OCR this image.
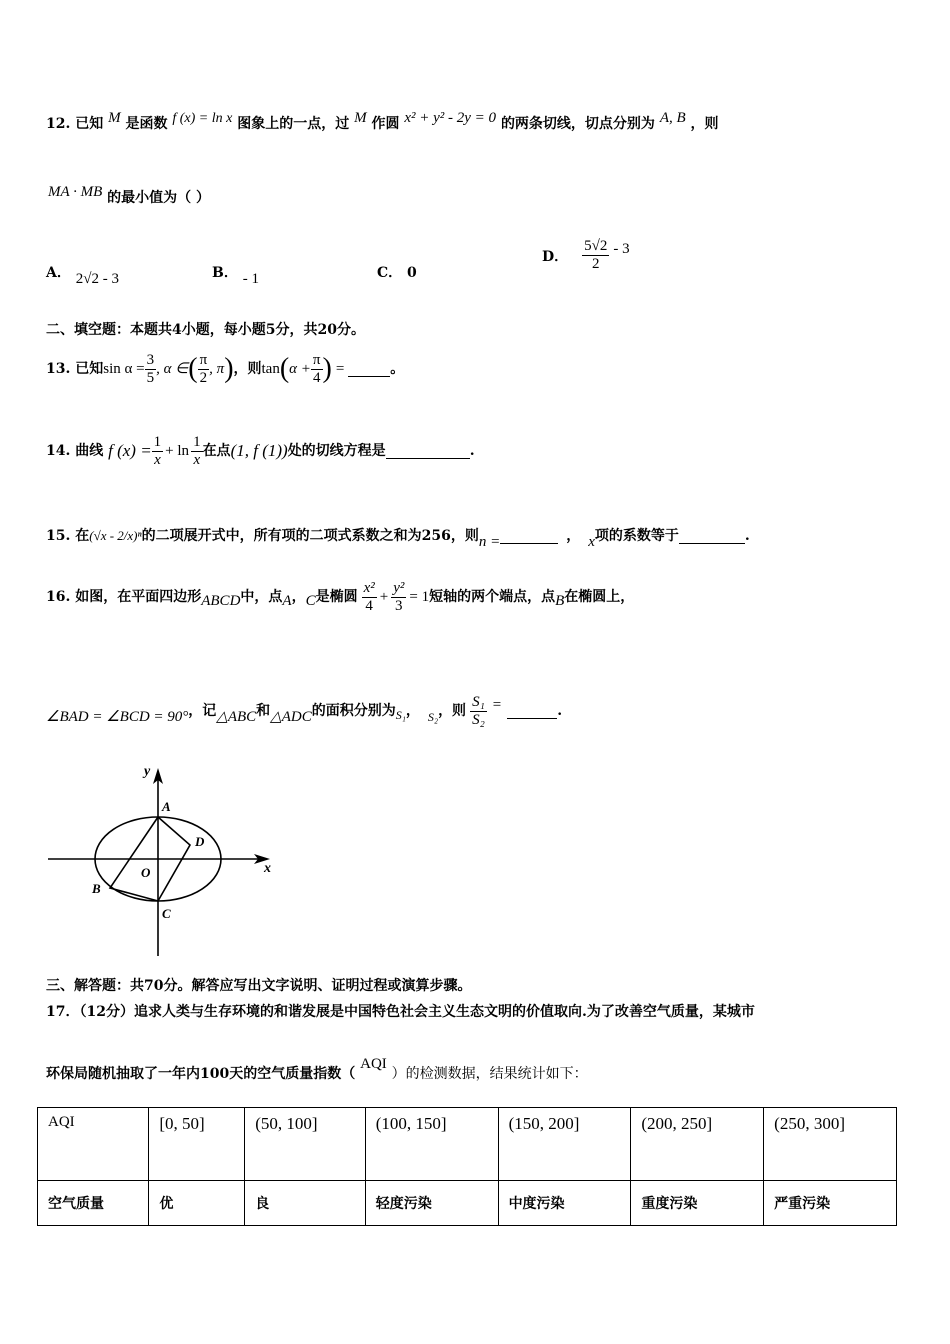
12. 已知 M 是函数 f (x) = ln x 图象上的一点，过 M 作圆 x² + y² - 2y = 0 的两条切线，切点分别为 A, B ，则
MA · MB 的最小值为（ ）
A． 2√2 - 3	B． - 1	C． 0
D． $\frac{5√2}{2} - 3$
二、填空题：本题共4小题，每小题5分，共20分。
13.
已知 $\sin \alpha = \frac{3}{5}$ , α ∈ ( $\frac{\pi}{2}$ , π ) ，则 tan ( $\alpha + \frac{\pi}{4}$ ) =	。
14.
曲线
f $(x) = \frac{1}{x} + \ln \frac{1}{x}$ 在点 (1, f (1)) 处的切线方程是	.
15.
在 (√x - 2/x)ⁿ 的二项展开式中，所有项的二项式系数之和为256，则 n =	， x 项的系数等于	.
16.
如图，在平面四边形 ABCD 中，点 A ， C 是椭圆 $\frac{\text{x²}}{4} + \frac{\text{y²}}{3} = 1$ 短轴的两个端点，点 B 在椭圆上，
∠BAD = ∠BCD = 90° ，记 △ABC 和 △ADC 的面积分别为 S₁ ， S₂ ，则 $\frac{\text{S₁}}{\text{S₂}}$ =	.
y
x
A
D
O
B
C
三、解答题：共70分。解答应写出文字说明、证明过程或演算步骤。
17．（12分）追求人类与生存环境的和谐发展是中国特色社会主义生态文明的价值取向.为了改善空气质量，某城市
环保局随机抽取了一年内100天的空气质量指数（ AQI ）的检测数据，结果统计如下：
AQI	[0, 50]	(50, 100]	(100, 150]	(150, 200]	(200, 250]	(250, 300]
空气质量	优	良	轻度污染	中度污染	重度污染	严重污染
